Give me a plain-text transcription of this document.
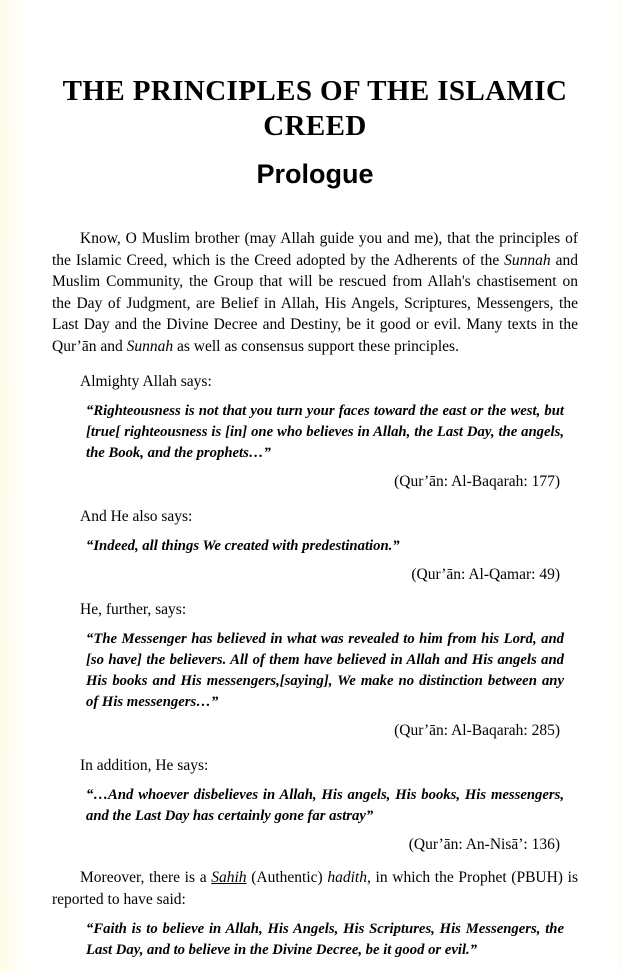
THE PRINCIPLES OF THE ISLAMIC CREED
Prologue

Know, O Muslim brother (may Allah guide you and me), that the principles of the Islamic Creed, which is the Creed adopted by the Adherents of the Sunnah and Muslim Community, the Group that will be rescued from Allah's chastisement on the Day of Judgment, are Belief in Allah, His Angels, Scriptures, Messengers, the Last Day and the Divine Decree and Destiny, be it good or evil. Many texts in the Qur’ān and Sunnah as well as consensus support these principles.

Almighty Allah says:

“Righteousness is not that you turn your faces toward the east or the west, but [true[ righteousness is [in] one who believes in Allah, the Last Day, the angels, the Book, and the prophets…”

(Qur’ān: Al-Baqarah: 177)

And He also says:

“Indeed, all things We created with predestination.”

(Qur’ān: Al-Qamar: 49)

He, further, says:

“The Messenger has believed in what was revealed to him from his Lord, and [so have] the believers. All of them have believed in Allah and His angels and His books and His messengers,[saying], We make no distinction between any of His messengers…”

(Qur’ān: Al-Baqarah: 285)

In addition, He says:

“…And whoever disbelieves in Allah, His angels, His books, His messengers, and the Last Day has certainly gone far astray”

(Qur’ān: An-Nisā’: 136)

Moreover, there is a Sahih (Authentic) hadith, in which the Prophet (PBUH) is reported to have said:

“Faith is to believe in Allah, His Angels, His Scriptures, His Messengers, the Last Day, and to believe in the Divine Decree, be it good or evil.”
